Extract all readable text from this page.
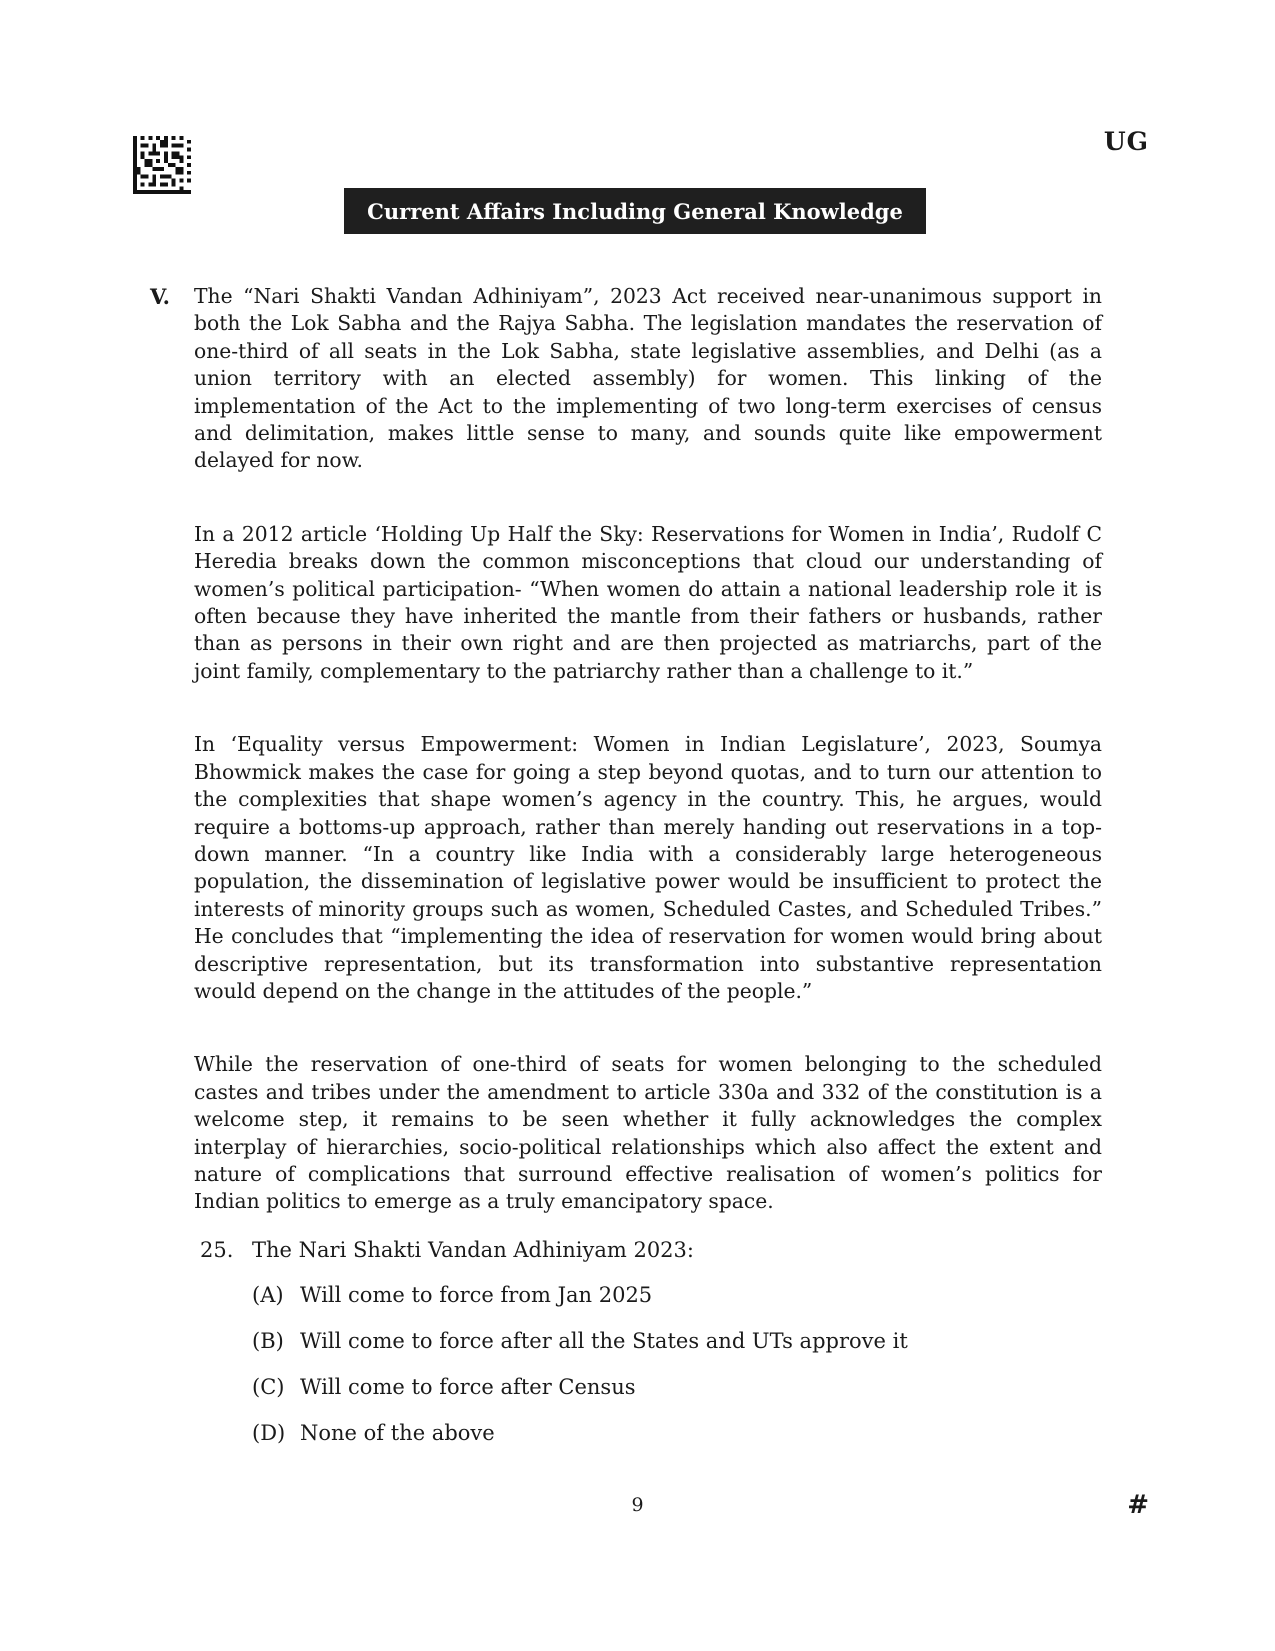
UG
Current Affairs Including General Knowledge
V. The “Nari Shakti Vandan Adhiniyam”, 2023 Act received near-unanimous support in both the Lok Sabha and the Rajya Sabha. The legislation mandates the reservation of one-third of all seats in the Lok Sabha, state legislative assemblies, and Delhi (as a union territory with an elected assembly) for women. This linking of the implementation of the Act to the implementing of two long-term exercises of census and delimitation, makes little sense to many, and sounds quite like empowerment delayed for now.

In a 2012 article ‘Holding Up Half the Sky: Reservations for Women in India’, Rudolf C Heredia breaks down the common misconceptions that cloud our understanding of women’s political participation- “When women do attain a national leadership role it is often because they have inherited the mantle from their fathers or husbands, rather than as persons in their own right and are then projected as matriarchs, part of the joint family, complementary to the patriarchy rather than a challenge to it.”

In ‘Equality versus Empowerment: Women in Indian Legislature’, 2023, Soumya Bhowmick makes the case for going a step beyond quotas, and to turn our attention to the complexities that shape women’s agency in the country. This, he argues, would require a bottoms-up approach, rather than merely handing out reservations in a top-down manner. “In a country like India with a considerably large heterogeneous population, the dissemination of legislative power would be insufficient to protect the interests of minority groups such as women, Scheduled Castes, and Scheduled Tribes.” He concludes that “implementing the idea of reservation for women would bring about descriptive representation, but its transformation into substantive representation would depend on the change in the attitudes of the people.”

While the reservation of one-third of seats for women belonging to the scheduled castes and tribes under the amendment to article 330a and 332 of the constitution is a welcome step, it remains to be seen whether it fully acknowledges the complex interplay of hierarchies, socio-political relationships which also affect the extent and nature of complications that surround effective realisation of women’s politics for Indian politics to emerge as a truly emancipatory space.

25. The Nari Shakti Vandan Adhiniyam 2023:
(A) Will come to force from Jan 2025
(B) Will come to force after all the States and UTs approve it
(C) Will come to force after Census
(D) None of the above
9	#
